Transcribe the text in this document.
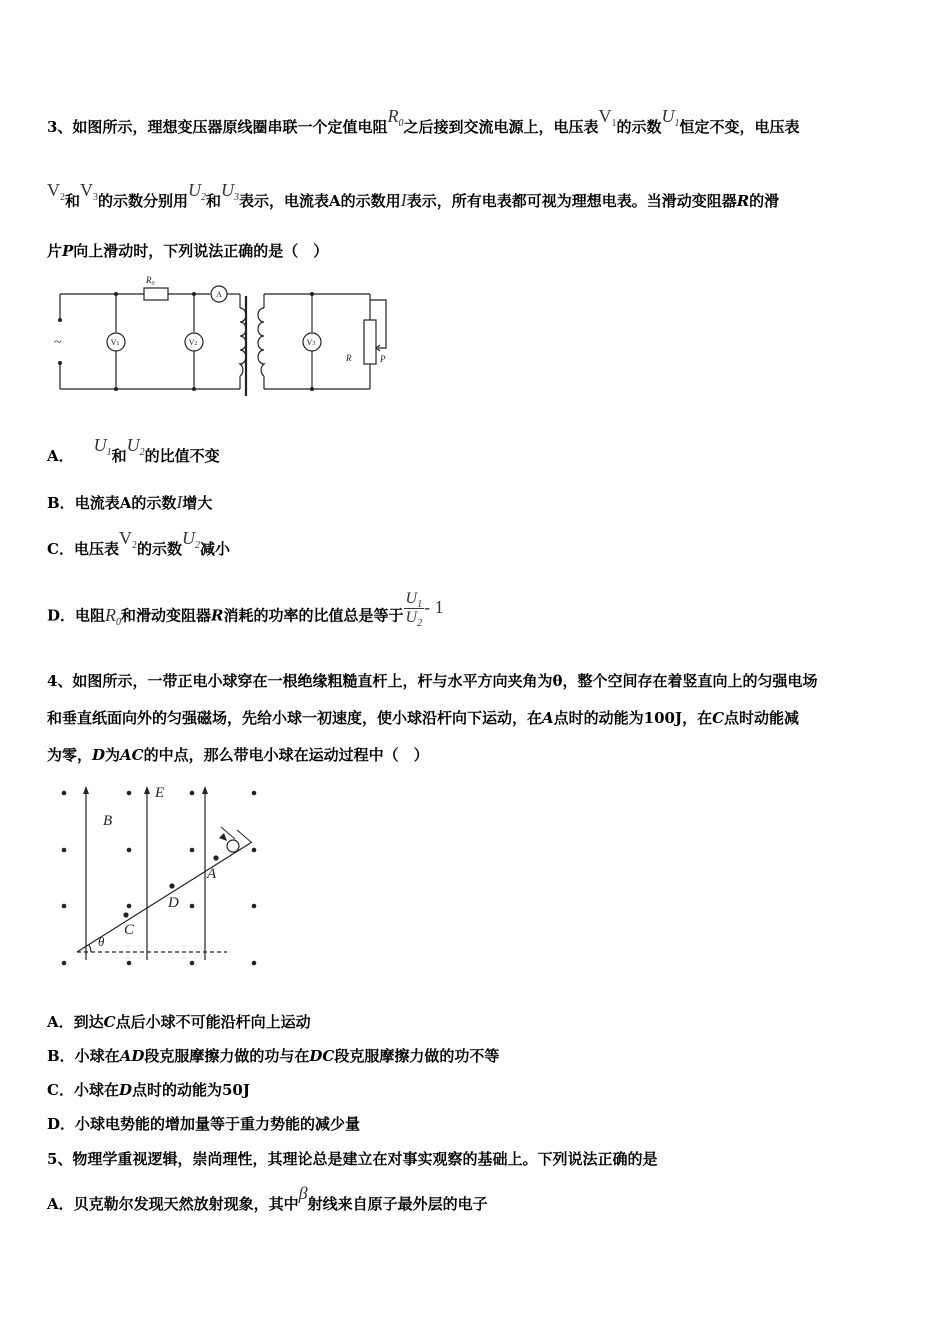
3、如图所示，理想变压器原线圈串联一个定值电阻$R_0$之后接到交流电源上，电压表$V_1$的示数$U_1$恒定不变，电压表
$V_2$和$V_3$的示数分别用$U_2$和$U_3$表示，电流表A的示数用I表示，所有电表都可视为理想电表。当滑动变阻器R的滑
片P向上滑动时，下列说法正确的是（　）
$R_0$
R	P
A
V1	V2	V3
~
A．$U_1$和$U_2$的比值不变
B．电流表A的示数I增大
C．电压表$V_2$的示数$U_2$减小
D．电阻$R_0$和滑动变阻器R消耗的功率的比值总是等于 $\frac{U_1}{U_2} - 1$
4、如图所示，一带正电小球穿在一根绝缘粗糙直杆上，杆与水平方向夹角为θ，整个空间存在着竖直向上的匀强电场
和垂直纸面向外的匀强磁场，先给小球一初速度，使小球沿杆向下运动，在A点时的动能为100J，在C点时动能减
为零，D为AC的中点，那么带电小球在运动过程中（　）
E
B
A
D
C
θ
A．到达C点后小球不可能沿杆向上运动
B．小球在AD段克服摩擦力做的功与在DC段克服摩擦力做的功不等
C．小球在D点时的动能为50J
D．小球电势能的增加量等于重力势能的减少量
5、物理学重视逻辑，崇尚理性，其理论总是建立在对事实观察的基础上。下列说法正确的是
A．贝克勒尔发现天然放射现象，其中β射线来自原子最外层的电子
